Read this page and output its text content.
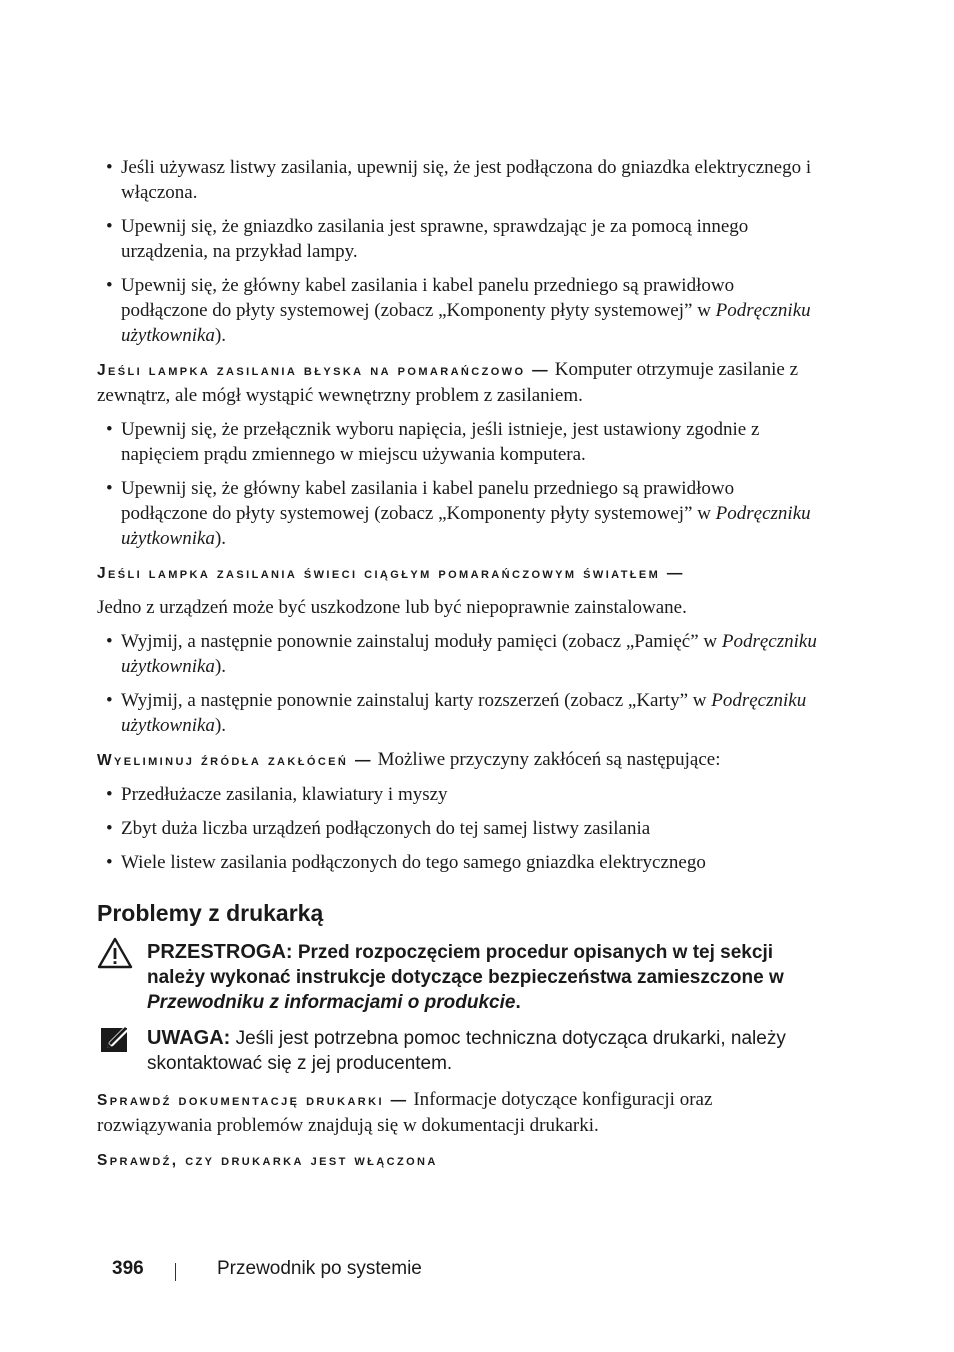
• Jeśli używasz listwy zasilania, upewnij się, że jest podłączona do gniazdka elektrycznego i włączona.
• Upewnij się, że gniazdko zasilania jest sprawne, sprawdzając je za pomocą innego urządzenia, na przykład lampy.
• Upewnij się, że główny kabel zasilania i kabel panelu przedniego są prawidłowo podłączone do płyty systemowej (zobacz „Komponenty płyty systemowej” w Podręczniku użytkownika).

Jeśli lampka zasilania błyska na pomarańczowo — Komputer otrzymuje zasilanie z zewnątrz, ale mógł wystąpić wewnętrzny problem z zasilaniem.

• Upewnij się, że przełącznik wyboru napięcia, jeśli istnieje, jest ustawiony zgodnie z napięciem prądu zmiennego w miejscu używania komputera.
• Upewnij się, że główny kabel zasilania i kabel panelu przedniego są prawidłowo podłączone do płyty systemowej (zobacz „Komponenty płyty systemowej” w Podręczniku użytkownika).

Jeśli lampka zasilania świeci ciągłym pomarańczowym światłem —

Jedno z urządzeń może być uszkodzone lub być niepoprawnie zainstalowane.

• Wyjmij, a następnie ponownie zainstaluj moduły pamięci (zobacz „Pamięć” w Podręczniku użytkownika).
• Wyjmij, a następnie ponownie zainstaluj karty rozszerzeń (zobacz „Karty” w Podręczniku użytkownika).

Wyeliminuj źródła zakłóceń — Możliwe przyczyny zakłóceń są następujące:

• Przedłużacze zasilania, klawiatury i myszy
• Zbyt duża liczba urządzeń podłączonych do tej samej listwy zasilania
• Wiele listew zasilania podłączonych do tego samego gniazdka elektrycznego
Problemy z drukarką
PRZESTROGA: Przed rozpoczęciem procedur opisanych w tej sekcji należy wykonać instrukcje dotyczące bezpieczeństwa zamieszczone w Przewodniku z informacjami o produkcie.
UWAGA: Jeśli jest potrzebna pomoc techniczna dotycząca drukarki, należy skontaktować się z jej producentem.

Sprawdź dokumentację drukarki — Informacje dotyczące konfiguracji oraz rozwiązywania problemów znajdują się w dokumentacji drukarki.

Sprawdź, czy drukarka jest włączona

396	Przewodnik po systemie
